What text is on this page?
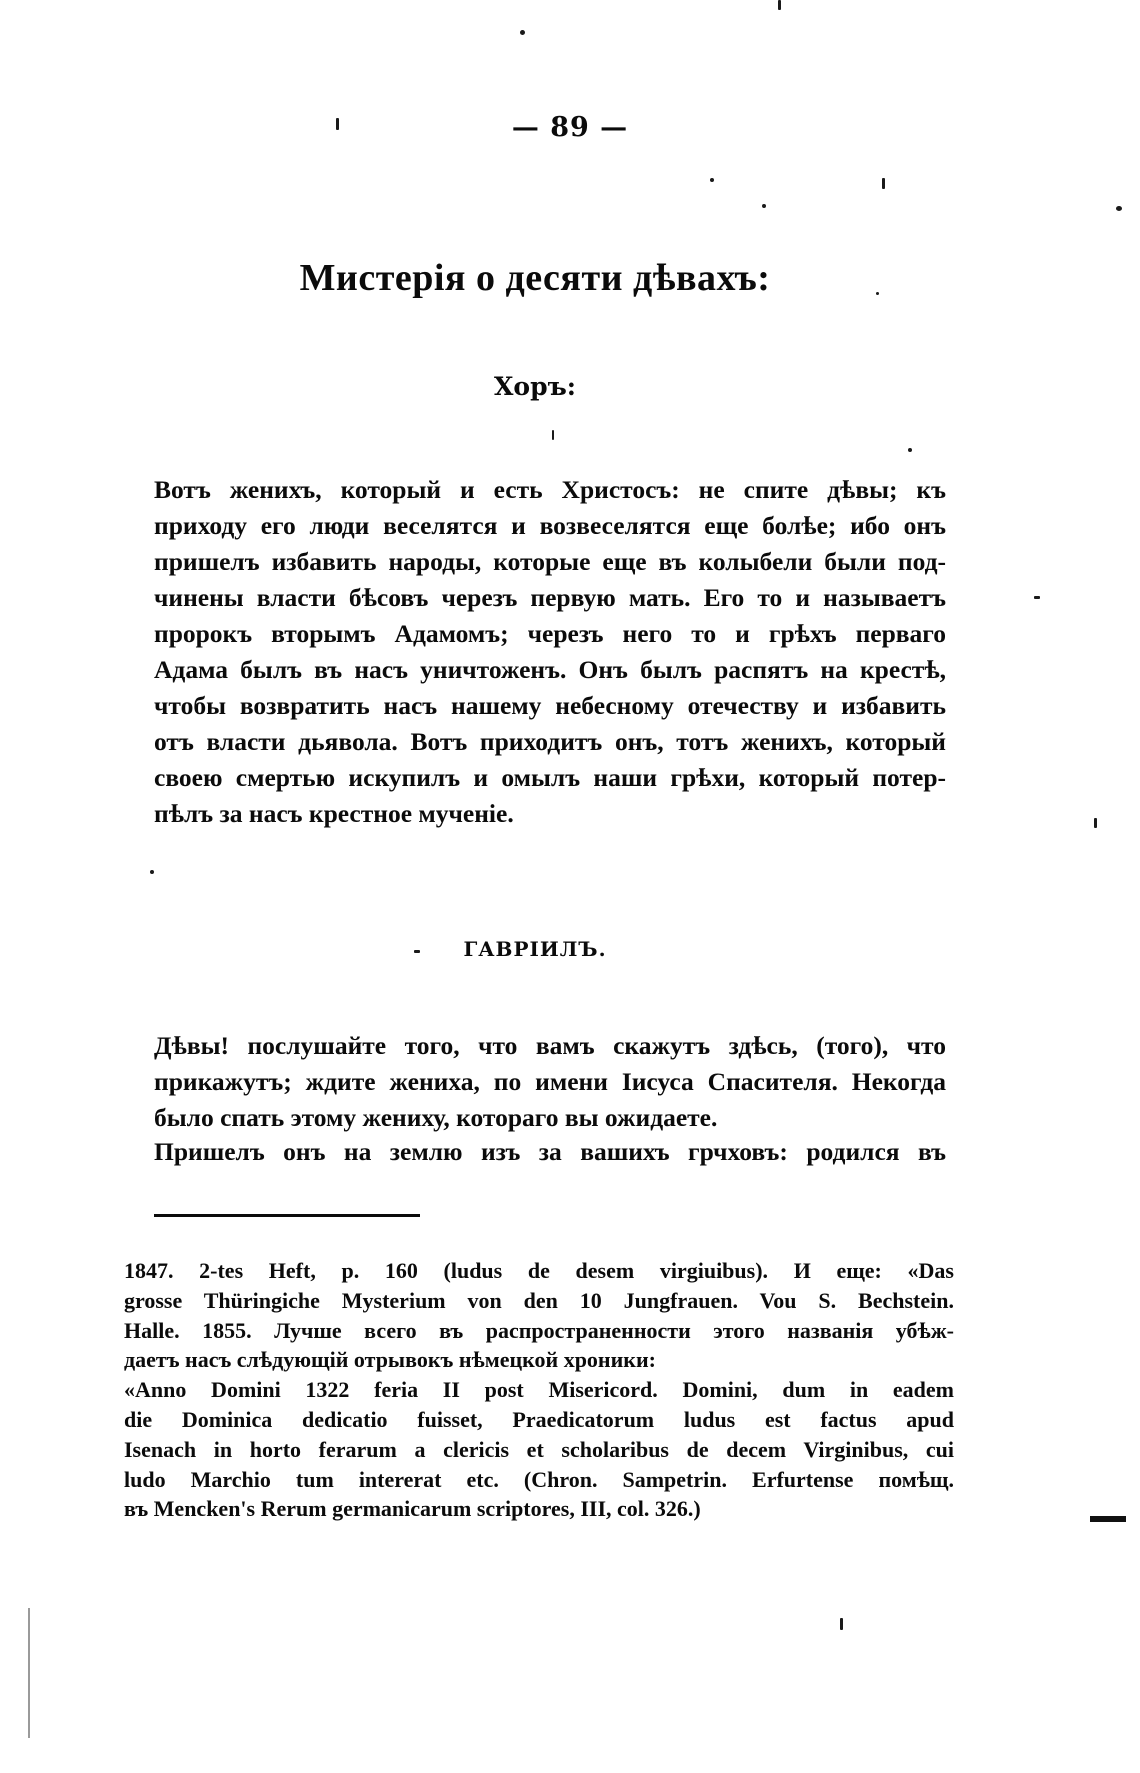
— 89 —
Мистерія о десяти дѣвахъ:
Хоръ:
Вотъ женихъ, который и есть Христосъ: не спите дѣвы; къ
приходу его люди веселятся и возвеселятся еще болѣе; ибо онъ
пришелъ избавить народы, которые еще въ колыбели были под-
чинены власти бѣсовъ черезъ первую мать. Его то и называетъ
пророкъ вторымъ Адамомъ; черезъ него то и грѣхъ перваго
Адама былъ въ насъ уничтоженъ. Онъ былъ распятъ на крестѣ,
чтобы возвратить насъ нашему небесному отечеству и избавить
отъ власти дьявола. Вотъ приходитъ онъ, тотъ женихъ, который
своею смертью искупилъ и омылъ наши грѣхи, который потер-
пѣлъ за насъ крестное мученіе.
ГАВРІИЛЪ.
Дѣвы! послушайте того, что вамъ скажутъ здѣсь, (того), что
прикажутъ; ждите жениха, по имени Іисуса Спасителя. Некогда
было спать этому жениху, котораго вы ожидаете.
Пришелъ онъ на землю изъ за вашихъ грчховъ: родился въ
1847. 2-tes Heft, p. 160 (ludus de desem virgiuibus). И еще: «Das
grosse Thüringiche Mysterium von den 10 Jungfrauen. Vou S. Bechstein.
Halle. 1855. Лучше всего въ распространенности этого названія убѣж-
даетъ насъ слѣдующій отрывокъ нѣмецкой хроники:
«Anno Domini 1322 feria II post Misericord. Domini, dum in eadem
die Dominica dedicatio fuisset, Praedicatorum ludus est factus apud
Isenach in horto ferarum a clericis et scholaribus de decem Virginibus, cui
ludo Marchio tum intererat etc. (Chron. Sampetrin. Erfurtense помѣщ.
въ Mencken's Rerum germanicarum scriptores, III, col. 326.)
